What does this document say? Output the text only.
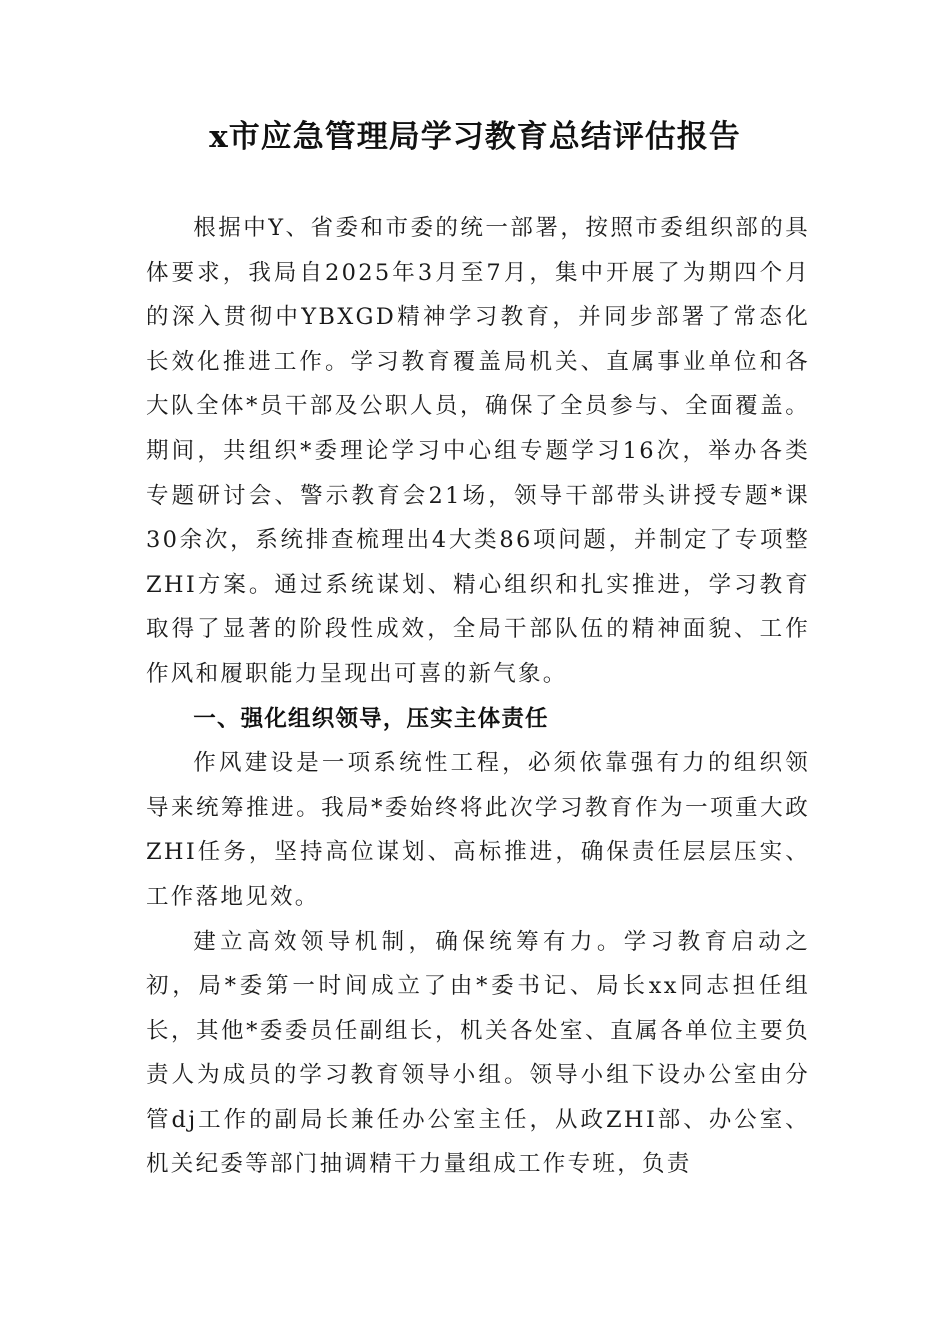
x市应急管理局学习教育总结评估报告

根据中Y、省委和市委的统一部署，按照市委组织部的具体要求，我局自2025年3月至7月，集中开展了为期四个月的深入贯彻中YBXGD精神学习教育，并同步部署了常态化长效化推进工作。学习教育覆盖局机关、直属事业单位和各大队全体*员干部及公职人员，确保了全员参与、全面覆盖。期间，共组织*委理论学习中心组专题学习16次，举办各类专题研讨会、警示教育会21场，领导干部带头讲授专题*课30余次，系统排查梳理出4大类86项问题，并制定了专项整ZHI方案。通过系统谋划、精心组织和扎实推进，学习教育取得了显著的阶段性成效，全局干部队伍的精神面貌、工作作风和履职能力呈现出可喜的新气象。

一、强化组织领导，压实主体责任

作风建设是一项系统性工程，必须依靠强有力的组织领导来统筹推进。我局*委始终将此次学习教育作为一项重大政ZHI任务，坚持高位谋划、高标推进，确保责任层层压实、工作落地见效。

建立高效领导机制，确保统筹有力。学习教育启动之初，局*委第一时间成立了由*委书记、局长xx同志担任组长，其他*委委员任副组长，机关各处室、直属各单位主要负责人为成员的学习教育领导小组。领导小组下设办公室由分管dj工作的副局长兼任办公室主任，从政ZHI部、办公室、机关纪委等部门抽调精干力量组成工作专班，负责
